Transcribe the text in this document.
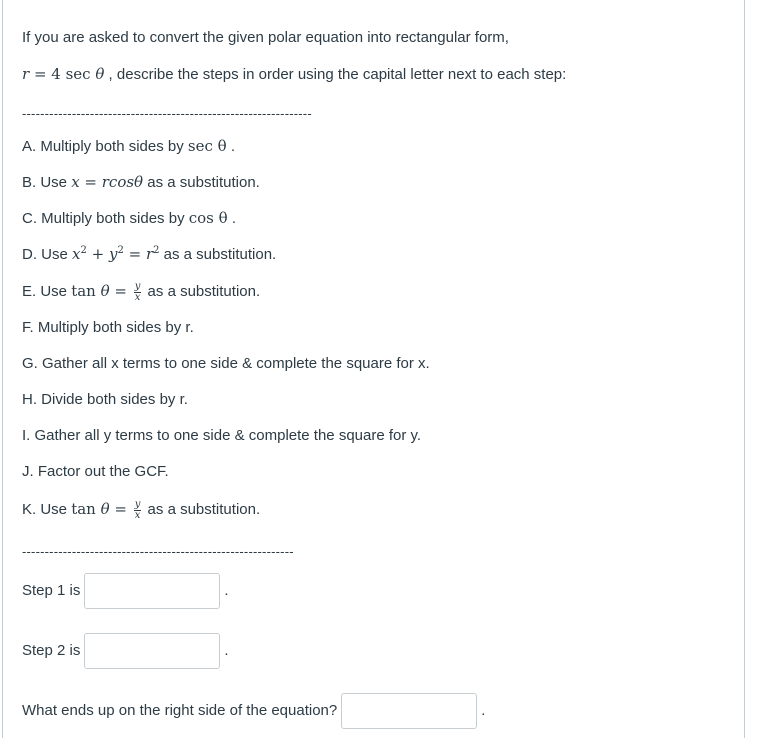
If you are asked to convert the given polar equation into rectangular form,
r = 4 sec θ , describe the steps in order using the capital letter next to each step:
----------------------------------------------------------------
A. Multiply both sides by sec θ .
B. Use x = rcosθ as a substitution.
C. Multiply both sides by cos θ .
D. Use $x^2 + y^2 = r^2$ as a substitution.
E. Use $\tan \theta = \frac{y}{x}$ as a substitution.
F. Multiply both sides by r.
G. Gather all x terms to one side & complete the square for x.
H. Divide both sides by r.
I. Gather all y terms to one side & complete the square for y.
J. Factor out the GCF.
K. Use $\tan \theta = \frac{y}{x}$ as a substitution.
------------------------------------------------------------
Step 1 is	.
Step 2 is	.
What ends up on the right side of the equation?	.
